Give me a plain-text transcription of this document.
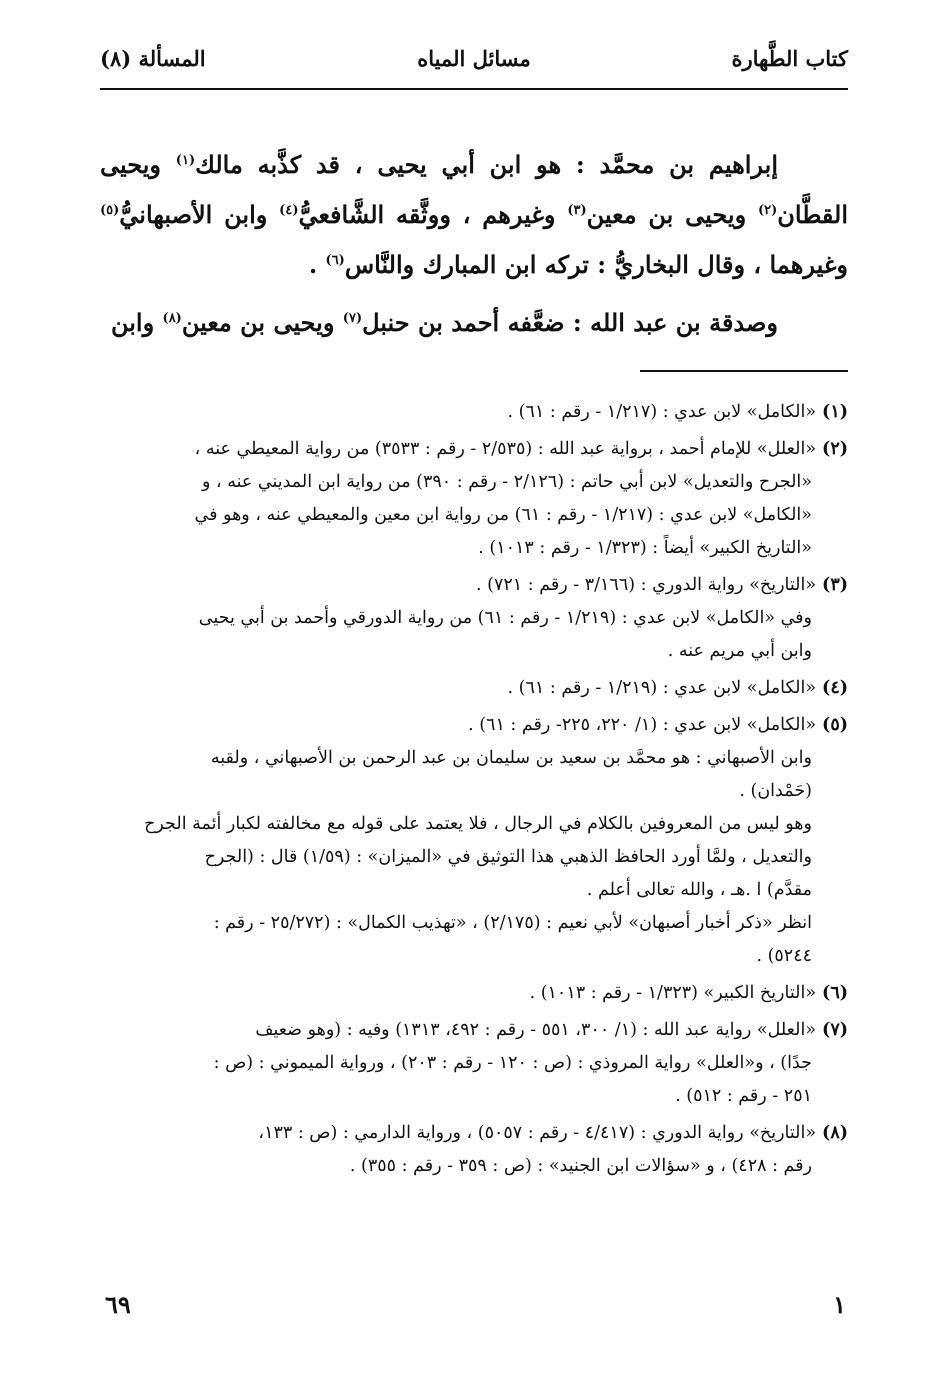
كتاب الطَّهارة
مسائل المياه
المسألة (٨)

إبراهيم بن محمَّد : هو ابن أبي يحيى ، قد كذَّبه مالك$^{(١)}$ ويحيى القطَّان$^{(٢)}$ ويحيى بن معين$^{(٣)}$ وغيرهم ، ووثَّقه الشَّافعيُّ$^{(٤)}$ وابن الأصبهانيُّ$^{(٥)}$ وغيرهما ، وقال البخاريُّ : تركه ابن المبارك والنَّاس$^{(٦)}$ .

وصدقة بن عبد الله : ضعَّفه أحمد بن حنبل$^{(٧)}$ ويحيى بن معين$^{(٨)}$ وابن

(١)«الكامل» لابن عدي : (١/٢١٧ - رقم : ٦١) .
(٢)«العلل» للإمام أحمد ، برواية عبد الله : (٢/٥٣٥ - رقم : ٣٥٣٣) من رواية المعيطي عنه ،
«الجرح والتعديل» لابن أبي حاتم : (٢/١٢٦ - رقم : ٣٩٠) من رواية ابن المديني عنه ، و
«الكامل» لابن عدي : (١/٢١٧ - رقم : ٦١) من رواية ابن معين والمعيطي عنه ، وهو في
«التاريخ الكبير» أيضاً : (١/٣٢٣ - رقم : ١٠١٣) .
(٣)«التاريخ» رواية الدوري : (٣/١٦٦ - رقم : ٧٢١) .
وفي «الكامل» لابن عدي : (١/٢١٩ - رقم : ٦١) من رواية الدورقي وأحمد بن أبي يحيى
وابن أبي مريم عنه .
(٤)«الكامل» لابن عدي : (١/٢١٩ - رقم : ٦١) .
(٥)«الكامل» لابن عدي : (١/ ٢٢٠، ٢٢٥- رقم : ٦١) .
وابن الأصبهاني : هو محمَّد بن سعيد بن سليمان بن عبد الرحمن بن الأصبهاني ، ولقبه
(حَمْدان) .
وهو ليس من المعروفين بالكلام في الرجال ، فلا يعتمد على قوله مع مخالفته لكبار أئمة الجرح
والتعديل ، ولمَّا أورد الحافظ الذهبي هذا التوثيق في «الميزان» : (١/٥٩) قال : (الجرح
مقدَّم) ا .هـ ، والله تعالى أعلم .
انظر «ذكر أخبار أصبهان» لأبي نعيم : (٢/١٧٥) ، «تهذيب الكمال» : (٢٥/٢٧٢ - رقم :
٥٢٤٤) .
(٦)«التاريخ الكبير» (١/٣٢٣ - رقم : ١٠١٣) .
(٧)«العلل» رواية عبد الله : (١/ ٣٠٠، ٥٥١ - رقم : ٤٩٢، ١٣١٣) وفيه : (وهو ضعيف
جدًا) ، و«العلل» رواية المروذي : (ص : ١٢٠ - رقم : ٢٠٣) ، ورواية الميموني : (ص :
٢٥١ - رقم : ٥١٢) .
(٨)«التاريخ» رواية الدوري : (٤/٤١٧ - رقم : ٥٠٥٧) ، ورواية الدارمي : (ص : ١٣٣،
رقم : ٤٢٨) ، و «سؤالات ابن الجنيد» : (ص : ٣٥٩ - رقم : ٣٥٥) .
٦٩	١
